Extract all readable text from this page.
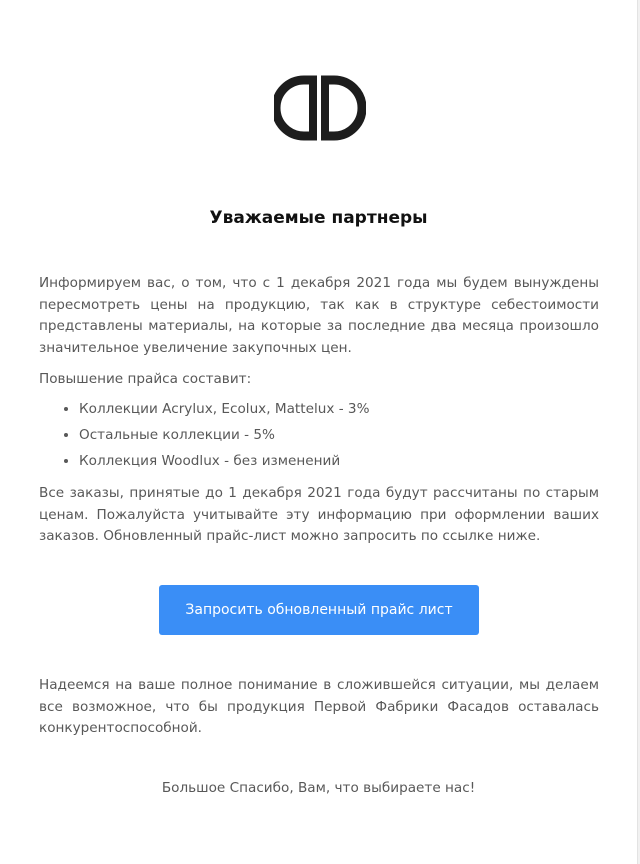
Уважаемые партнеры

Информируем вас, о том, что с 1 декабря 2021 года мы будем вынуждены пересмотреть цены на продукцию, так как в структуре себестоимости представлены материалы, на которые за последние два месяца произошло значительное увеличение закупочных цен.

Повышение прайса составит:

• Коллекции Acrylux, Ecolux, Mattelux - 3%
• Остальные коллекции - 5%
• Коллекция Woodlux - без изменений

Все заказы, принятые до 1 декабря 2021 года будут рассчитаны по старым ценам. Пожалуйста учитывайте эту информацию при оформлении ваших заказов. Обновленный прайс-лист можно запросить по ссылке ниже.

Запросить обновленный прайс лист

Надеемся на ваше полное понимание в сложившейся ситуации, мы делаем все возможное, что бы продукция Первой Фабрики Фасадов оставалась конкурентоспособной.

Большое Спасибо, Вам, что выбираете нас!
